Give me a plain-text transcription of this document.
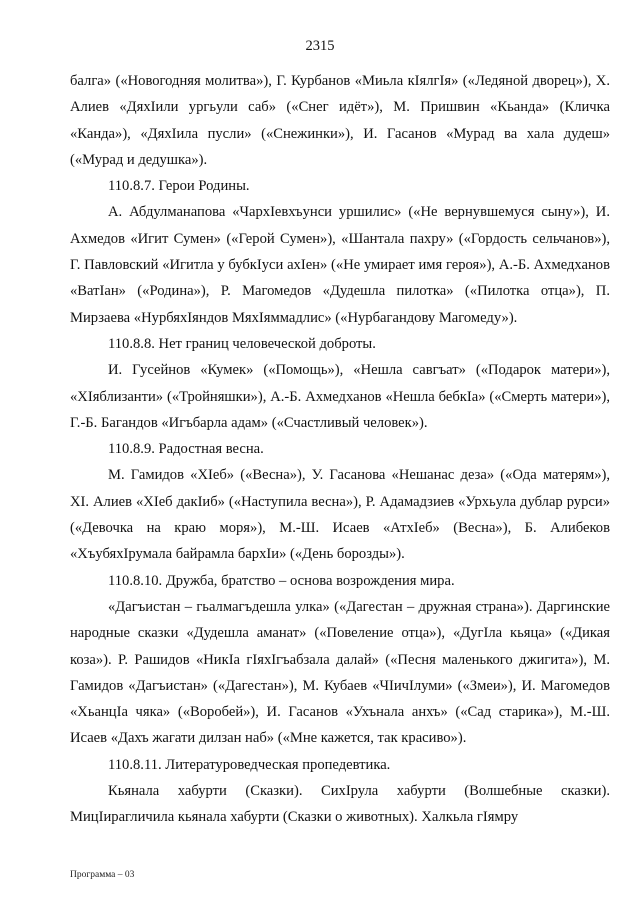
2315

балга» («Новогодняя молитва»), Г. Курбанов «Миьла кIялгIя» («Ледяной дворец»), Х. Алиев «ДяхIили ургьули саб» («Снег идёт»), М. Пришвин «Кьанда» (Кличка «Канда»), «ДяхIила пусли» («Снежинки»), И. Гасанов «Мурад ва хала дудеш» («Мурад и дедушка»).

110.8.7. Герои Родины.

А. Абдулманапова «ЧархIевхъунси уршилис» («Не вернувшемуся сыну»), И. Ахмедов «Игит Сумен» («Герой Сумен»), «Шантала пахру» («Гордость сельчанов»), Г. Павловский «Игитла у бубкIуси ахIен» («Не умирает имя героя»), А.-Б. Ахмедханов «ВатIан» («Родина»), Р. Магомедов «Дудешла пилотка» («Пилотка отца»), П. Мирзаева «НурбяхIяндов МяхIяммадлис» («Нурбагандову Магомеду»).

110.8.8. Нет границ человеческой доброты.

И. Гусейнов «Кумек» («Помощь»), «Нешла савгъат» («Подарок матери»), «ХIяблизанти» («Тройняшки»), А.-Б. Ахмедханов «Нешла бебкIа» («Смерть матери»), Г.-Б. Багандов «Игъбарла адам» («Счастливый человек»).

110.8.9. Радостная весна.

М. Гамидов «ХIеб» («Весна»), У. Гасанова «Нешанас деза» («Ода матерям»), ХI. Алиев «ХIеб дакIиб» («Наступила весна»), Р. Адамадзиев «Урхьула дублар рурси» («Девочка на краю моря»), М.-Ш. Исаев «АтхIеб» (Весна»), Б. Алибеков «ХъубяхIрумала байрамла бархIи» («День борозды»).

110.8.10. Дружба, братство – основа возрождения мира.

«Дагъистан – гьалмагъдешла улка» («Дагестан – дружная страна»). Даргинские народные сказки «Дудешла аманат» («Повеление отца»), «ДугIла кьяца» («Дикая коза»). Р. Рашидов «НикIа гIяхIгъабзала далай» («Песня маленького джигита»), М. Гамидов «Дагъистан» («Дагестан»), М. Кубаев «ЧIичIлуми» («Змеи»), И. Магомедов «ХьанцIа чяка» («Воробей»), И. Гасанов «Ухънала анхъ» («Сад старика»), М.-Ш. Исаев «Дахъ жагати дилзан наб» («Мне кажется, так красиво»).

110.8.11. Литературоведческая пропедевтика.

Кьянала хабурти (Сказки). СихIрула хабурти (Волшебные сказки). МицIирагличила кьянала хабурти (Сказки о животных). Халкьла гIямру

Программа – 03
